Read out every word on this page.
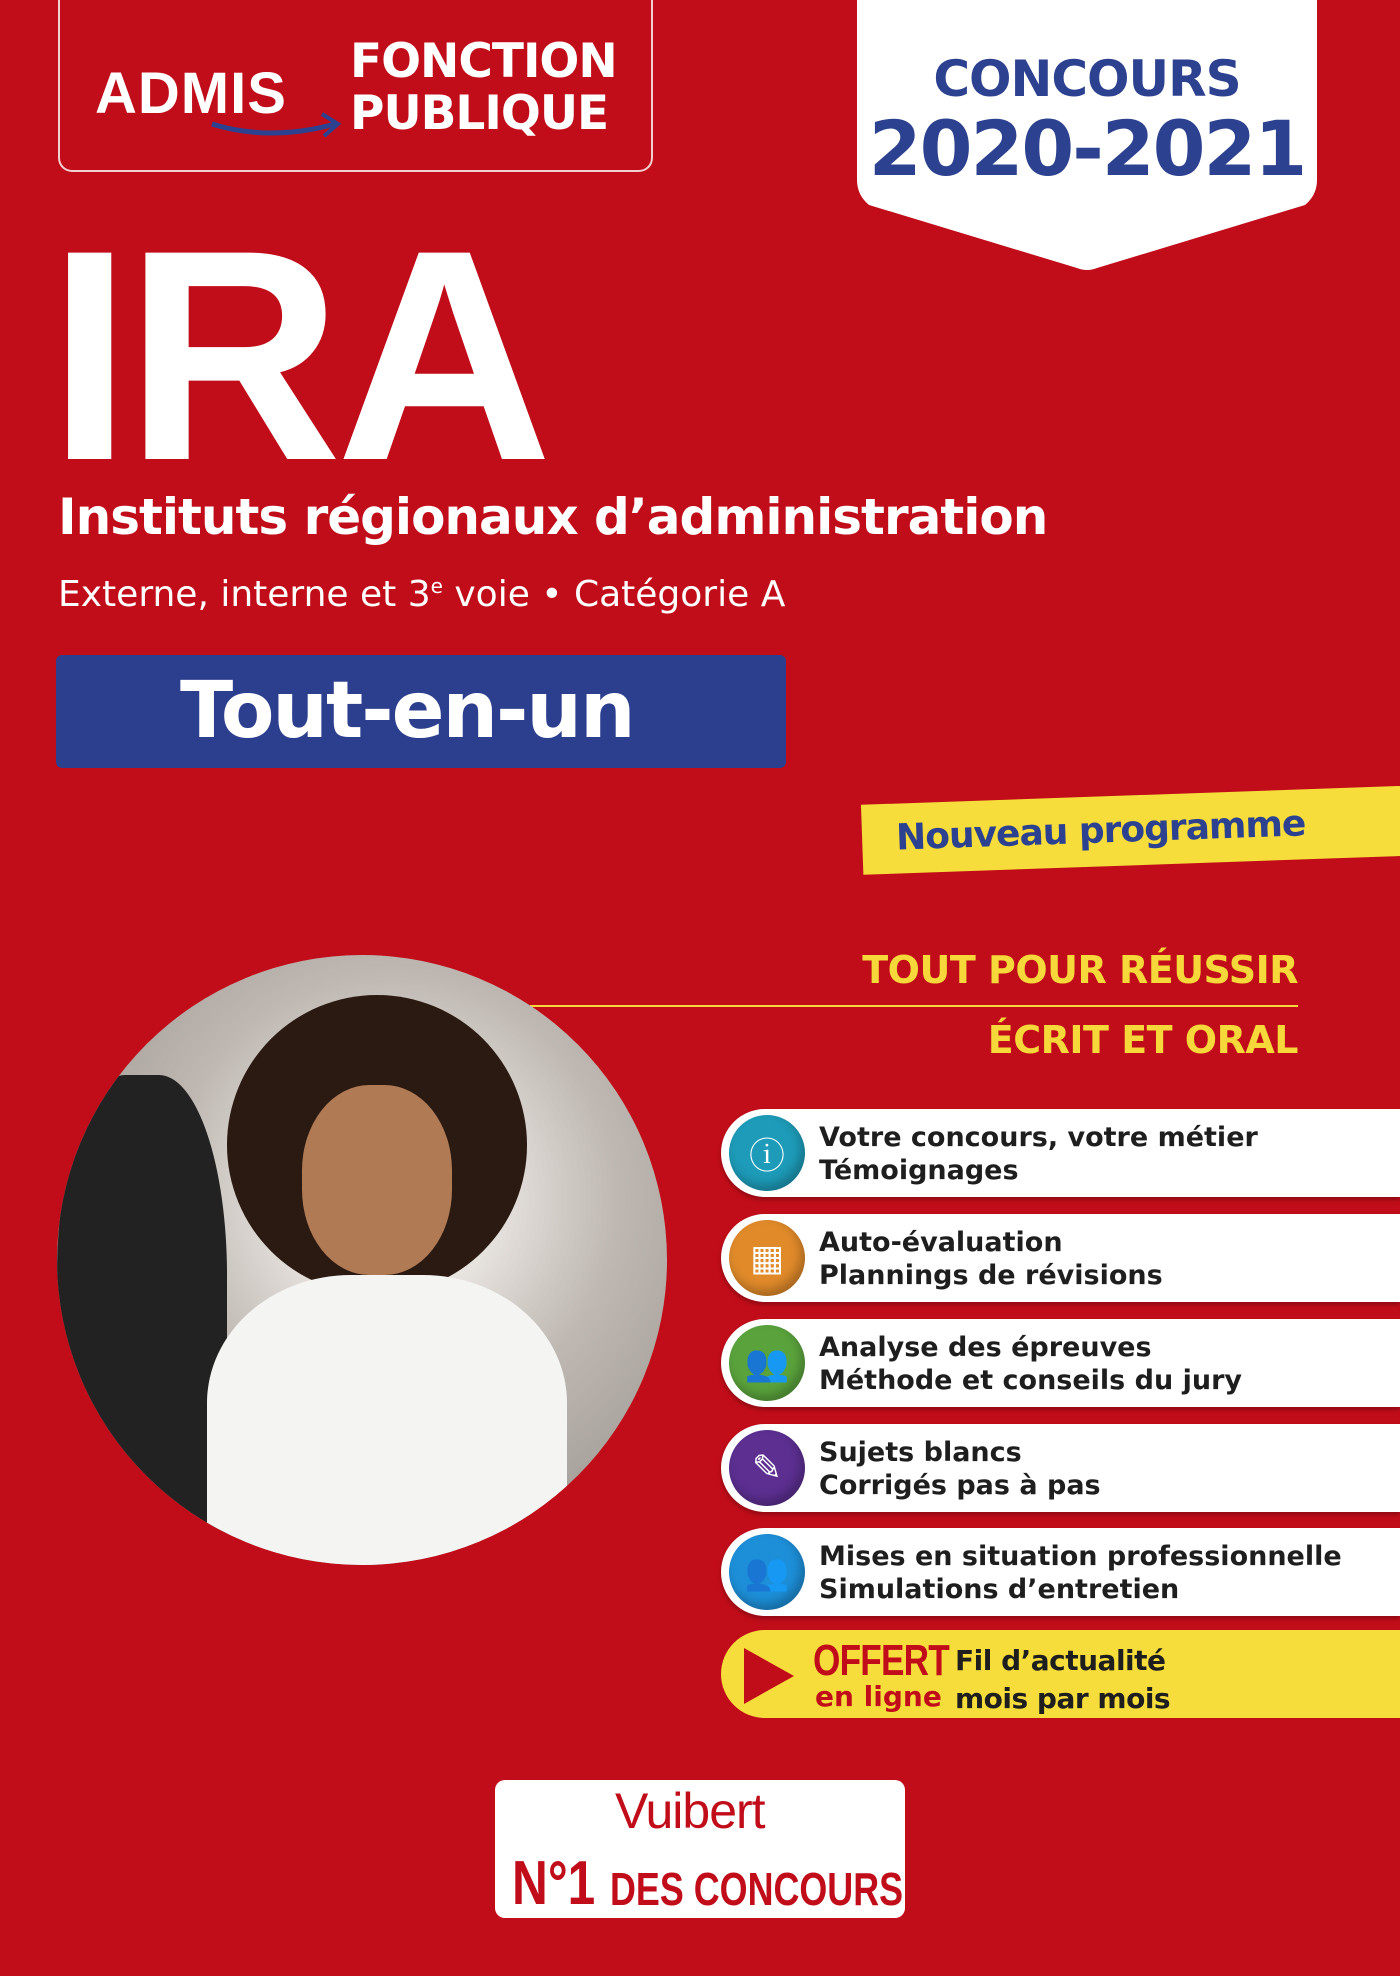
ADMIS FONCTION
PUBLIQUE
CONCOURS
2020-2021
IRA
Instituts régionaux d’administration
Externe, interne et 3e voie • Catégorie A
Tout-en-un
Nouveau programme
TOUT POUR RÉUSSIR
ÉCRIT ET ORAL
ⓘ	Votre concours, votre métier
Témoignages
▦	Auto-évaluation
Plannings de révisions
👥	Analyse des épreuves
Méthode et conseils du jury
✎	Sujets blancs
Corrigés pas à pas
👥	Mises en situation professionnelle
Simulations d’entretien
OFFERT
en ligne
Fil d’actualité
mois par mois
Vuibert
N°1 DES CONCOURS
